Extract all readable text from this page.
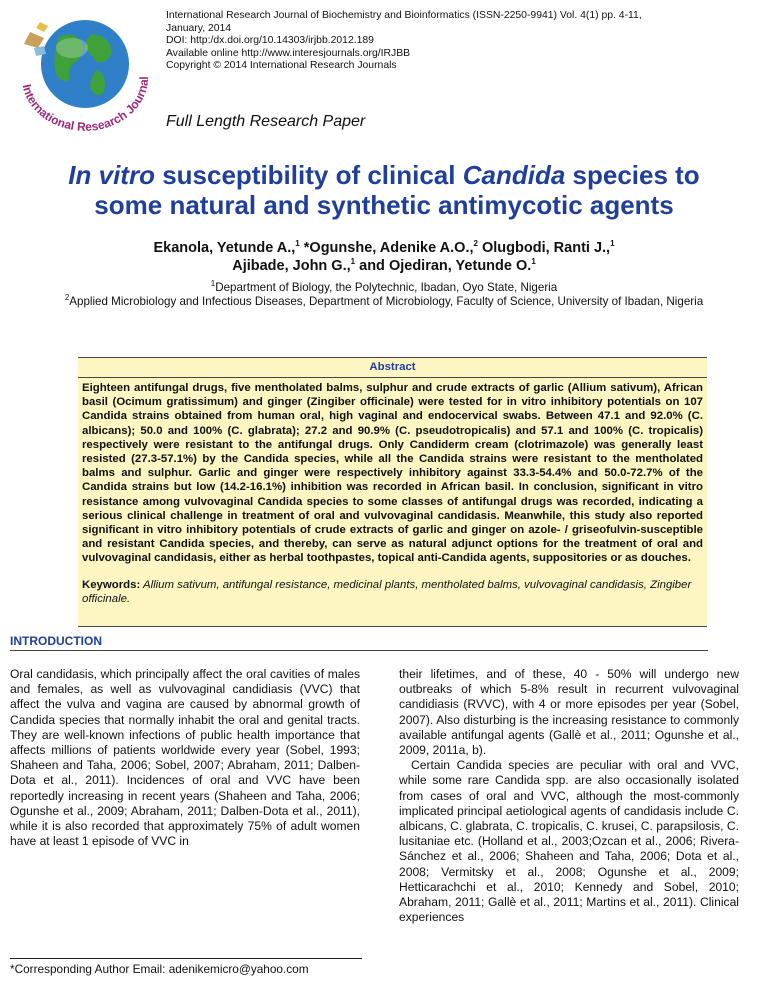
International Research Journal
International Research Journal of Biochemistry and Bioinformatics (ISSN-2250-9941) Vol. 4(1) pp. 4-11,
January, 2014
DOI: http:/dx.doi.org/10.14303/irjbb.2012.189
Available online http://www.interesjournals.org/IRJBB
Copyright © 2014 International Research Journals
Full Length Research Paper
In vitro susceptibility of clinical Candida species to some natural and synthetic antimycotic agents
Ekanola, Yetunde A.,$^1$ *Ogunshe, Adenike A.O.,$^2$ Olugbodi, Ranti J.,$^1$
Ajibade, John G.,$^1$ and Ojediran, Yetunde O.$^1$
$^1$Department of Biology, the Polytechnic, Ibadan, Oyo State, Nigeria
$^2$Applied Microbiology and Infectious Diseases, Department of Microbiology, Faculty of Science, University of Ibadan, Nigeria
Abstract
Eighteen antifungal drugs, five mentholated balms, sulphur and crude extracts of garlic (Allium sativum), African basil (Ocimum gratissimum) and ginger (Zingiber officinale) were tested for in vitro inhibitory potentials on 107 Candida strains obtained from human oral, high vaginal and endocervical swabs. Between 47.1 and 92.0% (C. albicans); 50.0 and 100% (C. glabrata); 27.2 and 90.9% (C. pseudotropicalis) and 57.1 and 100% (C. tropicalis) respectively were resistant to the antifungal drugs. Only Candiderm cream (clotrimazole) was generally least resisted (27.3-57.1%) by the Candida species, while all the Candida strains were resistant to the mentholated balms and sulphur. Garlic and ginger were respectively inhibitory against 33.3-54.4% and 50.0-72.7% of the Candida strains but low (14.2-16.1%) inhibition was recorded in African basil. In conclusion, significant in vitro resistance among vulvovaginal Candida species to some classes of antifungal drugs was recorded, indicating a serious clinical challenge in treatment of oral and vulvovaginal candidasis. Meanwhile, this study also reported significant in vitro inhibitory potentials of crude extracts of garlic and ginger on azole- / griseofulvin-susceptible and resistant Candida species, and thereby, can serve as natural adjunct options for the treatment of oral and vulvovaginal candidasis, either as herbal toothpastes, topical anti-Candida agents, suppositories or as douches.
Keywords: Allium sativum, antifungal resistance, medicinal plants, mentholated balms, vulvovaginal candidasis, Zingiber officinale.
INTRODUCTION

Oral candidasis, which principally affect the oral cavities of males and females, as well as vulvovaginal candidiasis (VVC) that affect the vulva and vagina are caused by abnormal growth of Candida species that normally inhabit the oral and genital tracts. They are well-known infections of public health importance that affects millions of patients worldwide every year (Sobel, 1993; Shaheen and Taha, 2006; Sobel, 2007; Abraham, 2011; Dalben-Dota et al., 2011). Incidences of oral and VVC have been reportedly increasing in recent years (Shaheen and Taha, 2006; Ogunshe et al., 2009; Abraham, 2011; Dalben-Dota et al., 2011), while it is also recorded that approximately 75% of adult women have at least 1 episode of VVC in

their lifetimes, and of these, 40 - 50% will undergo new outbreaks of which 5-8% result in recurrent vulvovaginal candidiasis (RVVC), with 4 or more episodes per year (Sobel, 2007). Also disturbing is the increasing resistance to commonly available antifungal agents (Gallè et al., 2011; Ogunshe et al., 2009, 2011a, b).

Certain Candida species are peculiar with oral and VVC, while some rare Candida spp. are also occasionally isolated from cases of oral and VVC, although the most-commonly implicated principal aetiological agents of candidasis include C. albicans, C. glabrata, C. tropicalis, C. krusei, C. parapsilosis, C. lusitaniae etc. (Holland et al., 2003;Ozcan et al., 2006; Rivera-Sánchez et al., 2006; Shaheen and Taha, 2006; Dota et al., 2008; Vermitsky et al., 2008; Ogunshe et al., 2009; Hetticarachchi et al., 2010; Kennedy and Sobel, 2010; Abraham, 2011; Gallè et al., 2011; Martins et al., 2011). Clinical experiences

*Corresponding Author Email: adenikemicro@yahoo.com
